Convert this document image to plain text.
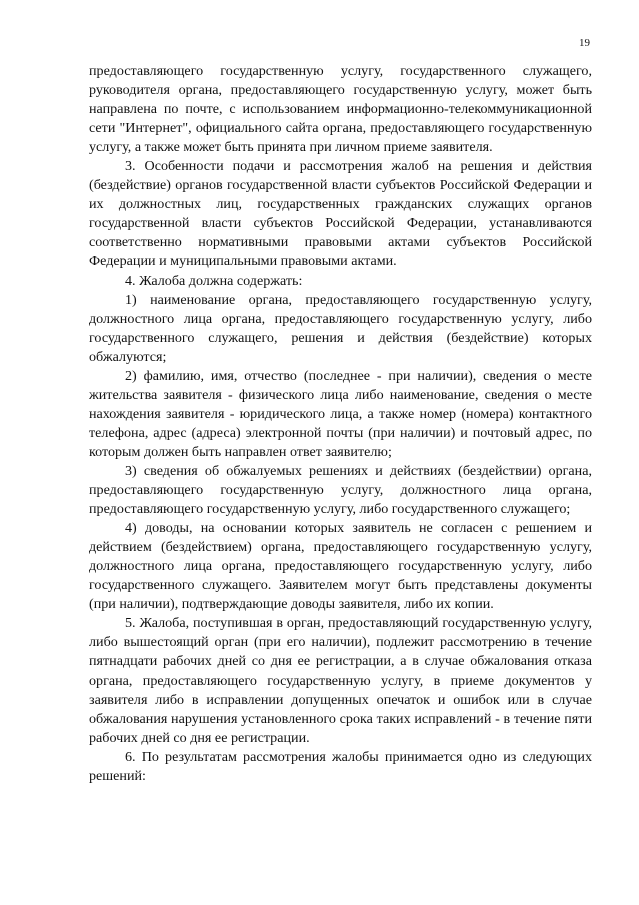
19

предоставляющего государственную услугу, государственного служащего, руководителя органа, предоставляющего государственную услугу, может быть направлена по почте, с использованием информационно-телекоммуникационной сети "Интернет", официального сайта органа, предоставляющего государственную услугу, а также может быть принята при личном приеме заявителя.

3. Особенности подачи и рассмотрения жалоб на решения и действия (бездействие) органов государственной власти субъектов Российской Федерации и их должностных лиц, государственных гражданских служащих органов государственной власти субъектов Российской Федерации, устанавливаются соответственно нормативными правовыми актами субъектов Российской Федерации и муниципальными правовыми актами.

4. Жалоба должна содержать:

1) наименование органа, предоставляющего государственную услугу, должностного лица органа, предоставляющего государственную услугу, либо государственного служащего, решения и действия (бездействие) которых обжалуются;

2) фамилию, имя, отчество (последнее - при наличии), сведения о месте жительства заявителя - физического лица либо наименование, сведения о месте нахождения заявителя - юридического лица, а также номер (номера) контактного телефона, адрес (адреса) электронной почты (при наличии) и почтовый адрес, по которым должен быть направлен ответ заявителю;

3) сведения об обжалуемых решениях и действиях (бездействии) органа, предоставляющего государственную услугу, должностного лица органа, предоставляющего государственную услугу, либо государственного служащего;

4) доводы, на основании которых заявитель не согласен с решением и действием (бездействием) органа, предоставляющего государственную услугу, должностного лица органа, предоставляющего государственную услугу, либо государственного служащего. Заявителем могут быть представлены документы (при наличии), подтверждающие доводы заявителя, либо их копии.

5. Жалоба, поступившая в орган, предоставляющий государственную услугу, либо вышестоящий орган (при его наличии), подлежит рассмотрению в течение пятнадцати рабочих дней со дня ее регистрации, а в случае обжалования отказа органа, предоставляющего государственную услугу, в приеме документов у заявителя либо в исправлении допущенных опечаток и ошибок или в случае обжалования нарушения установленного срока таких исправлений - в течение пяти рабочих дней со дня ее регистрации.

6. По результатам рассмотрения жалобы принимается одно из следующих решений:
